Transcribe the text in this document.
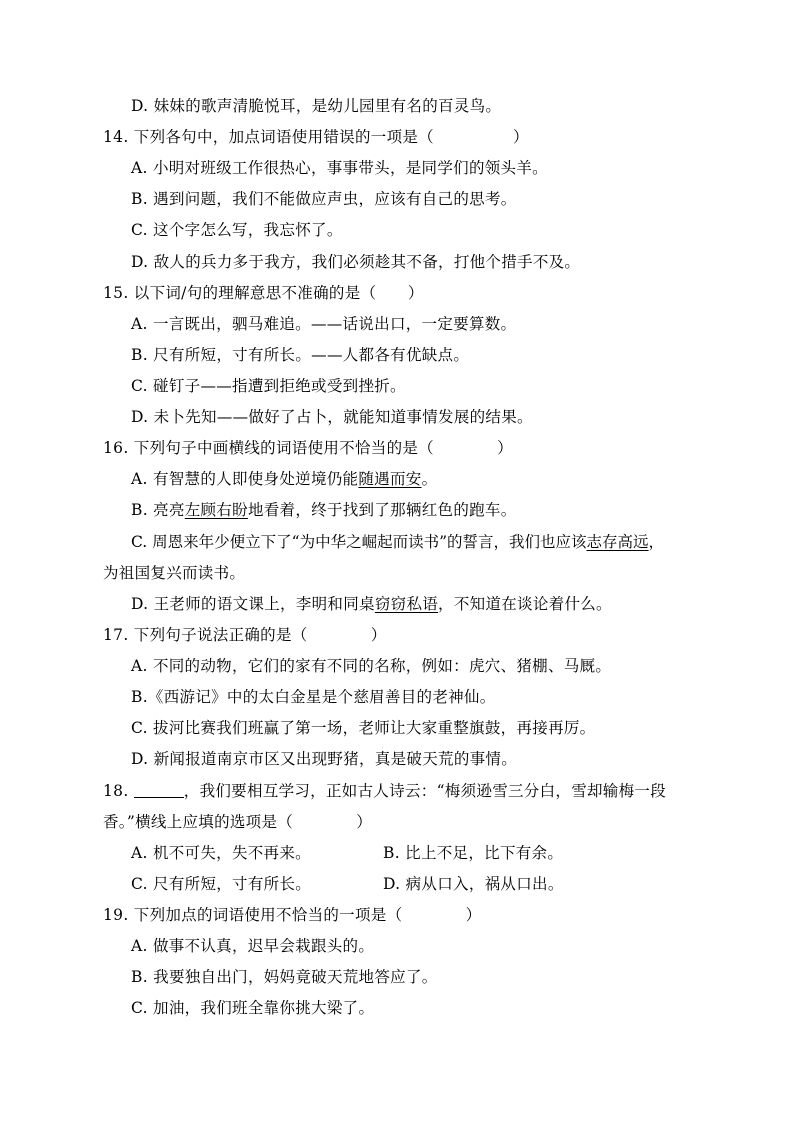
D. 妹妹的歌声清脆悦耳，是幼儿园里有名的百灵鸟。
14. 下列各句中，加点词语使用错误的一项是（　　　　　）
A. 小明对班级工作很热心，事事带头，是同学们的领头羊。
B. 遇到问题，我们不能做应声虫，应该有自己的思考。
C. 这个字怎么写，我忘怀了。
D. 敌人的兵力多于我方，我们必须趁其不备，打他个措手不及。
15. 以下词/句的理解意思不准确的是（　　）
A. 一言既出，驷马难追。——话说出口，一定要算数。
B. 尺有所短，寸有所长。——人都各有优缺点。
C. 碰钉子——指遭到拒绝或受到挫折。
D. 未卜先知——做好了占卜，就能知道事情发展的结果。
16. 下列句子中画横线的词语使用不恰当的是（　　　　）
A. 有智慧的人即使身处逆境仍能随遇而安。
B. 亮亮左顾右盼地看着，终于找到了那辆红色的跑车。
C. 周恩来年少便立下了“为中华之崛起而读书”的誓言，我们也应该志存高远，
为祖国复兴而读书。
D. 王老师的语文课上，李明和同桌窃窃私语，不知道在谈论着什么。
17. 下列句子说法正确的是（　　　　）
A. 不同的动物，它们的家有不同的名称，例如：虎穴、猪棚、马厩。
B.《西游记》中的太白金星是个慈眉善目的老神仙。
C. 拔河比赛我们班赢了第一场，老师让大家重整旗鼓，再接再厉。
D. 新闻报道南京市区又出现野猪，真是破天荒的事情。
18.	，我们要相互学习，正如古人诗云：“梅须逊雪三分白，雪却输梅一段
香。”横线上应填的选项是（　　　　）
A. 机不可失，失不再来。	B. 比上不足，比下有余。
C. 尺有所短，寸有所长。	D. 病从口入，祸从口出。
19. 下列加点的词语使用不恰当的一项是（　　　　）
A. 做事不认真，迟早会栽跟头的。
B. 我要独自出门，妈妈竟破天荒地答应了。
C. 加油，我们班全靠你挑大梁了。
